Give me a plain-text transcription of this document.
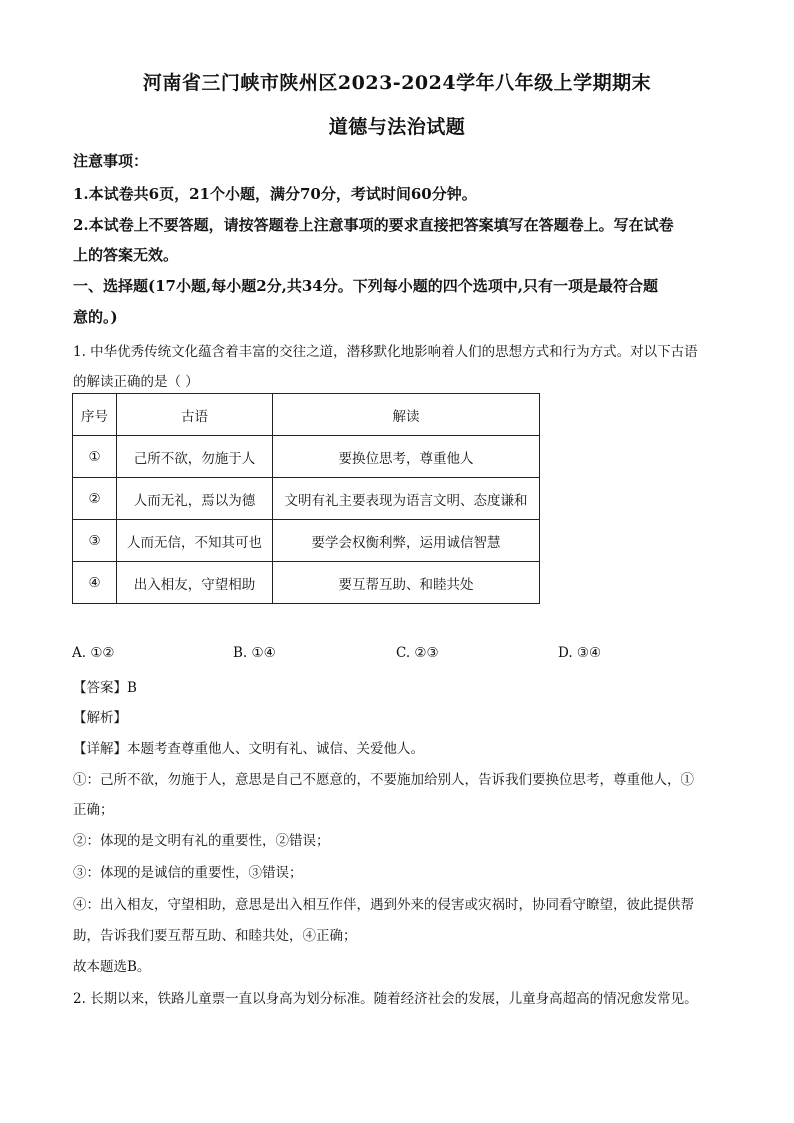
河南省三门峡市陕州区2023-2024学年八年级上学期期末
道德与法治试题
注意事项：
1.本试卷共6页，21个小题，满分70分，考试时间60分钟。
2.本试卷上不要答题，请按答题卷上注意事项的要求直接把答案填写在答题卷上。写在试卷
上的答案无效。
一、选择题(17小题,每小题2分,共34分。下列每小题的四个选项中,只有一项是最符合题
意的。)
1. 中华优秀传统文化蕴含着丰富的交往之道，潜移默化地影响着人们的思想方式和行为方式。对以下古语
的解读正确的是（ ）
序号	古语	解读
①	己所不欲，勿施于人	要换位思考，尊重他人
②	人而无礼，焉以为德	文明有礼主要表现为语言文明、态度谦和
③	人而无信，不知其可也	要学会权衡利弊，运用诚信智慧
④	出入相友，守望相助	要互帮互助、和睦共处
A. ①②	B. ①④	C. ②③	D. ③④
【答案】B
【解析】
【详解】本题考查尊重他人、文明有礼、诚信、关爱他人。
①：己所不欲，勿施于人，意思是自己不愿意的，不要施加给别人，告诉我们要换位思考，尊重他人，①
正确；
②：体现的是文明有礼的重要性，②错误；
③：体现的是诚信的重要性，③错误；
④：出入相友，守望相助，意思是出入相互作伴，遇到外来的侵害或灾祸时，协同看守瞭望，彼此提供帮
助，告诉我们要互帮互助、和睦共处，④正确；
故本题选B。
2. 长期以来，铁路儿童票一直以身高为划分标准。随着经济社会的发展，儿童身高超高的情况愈发常见。
